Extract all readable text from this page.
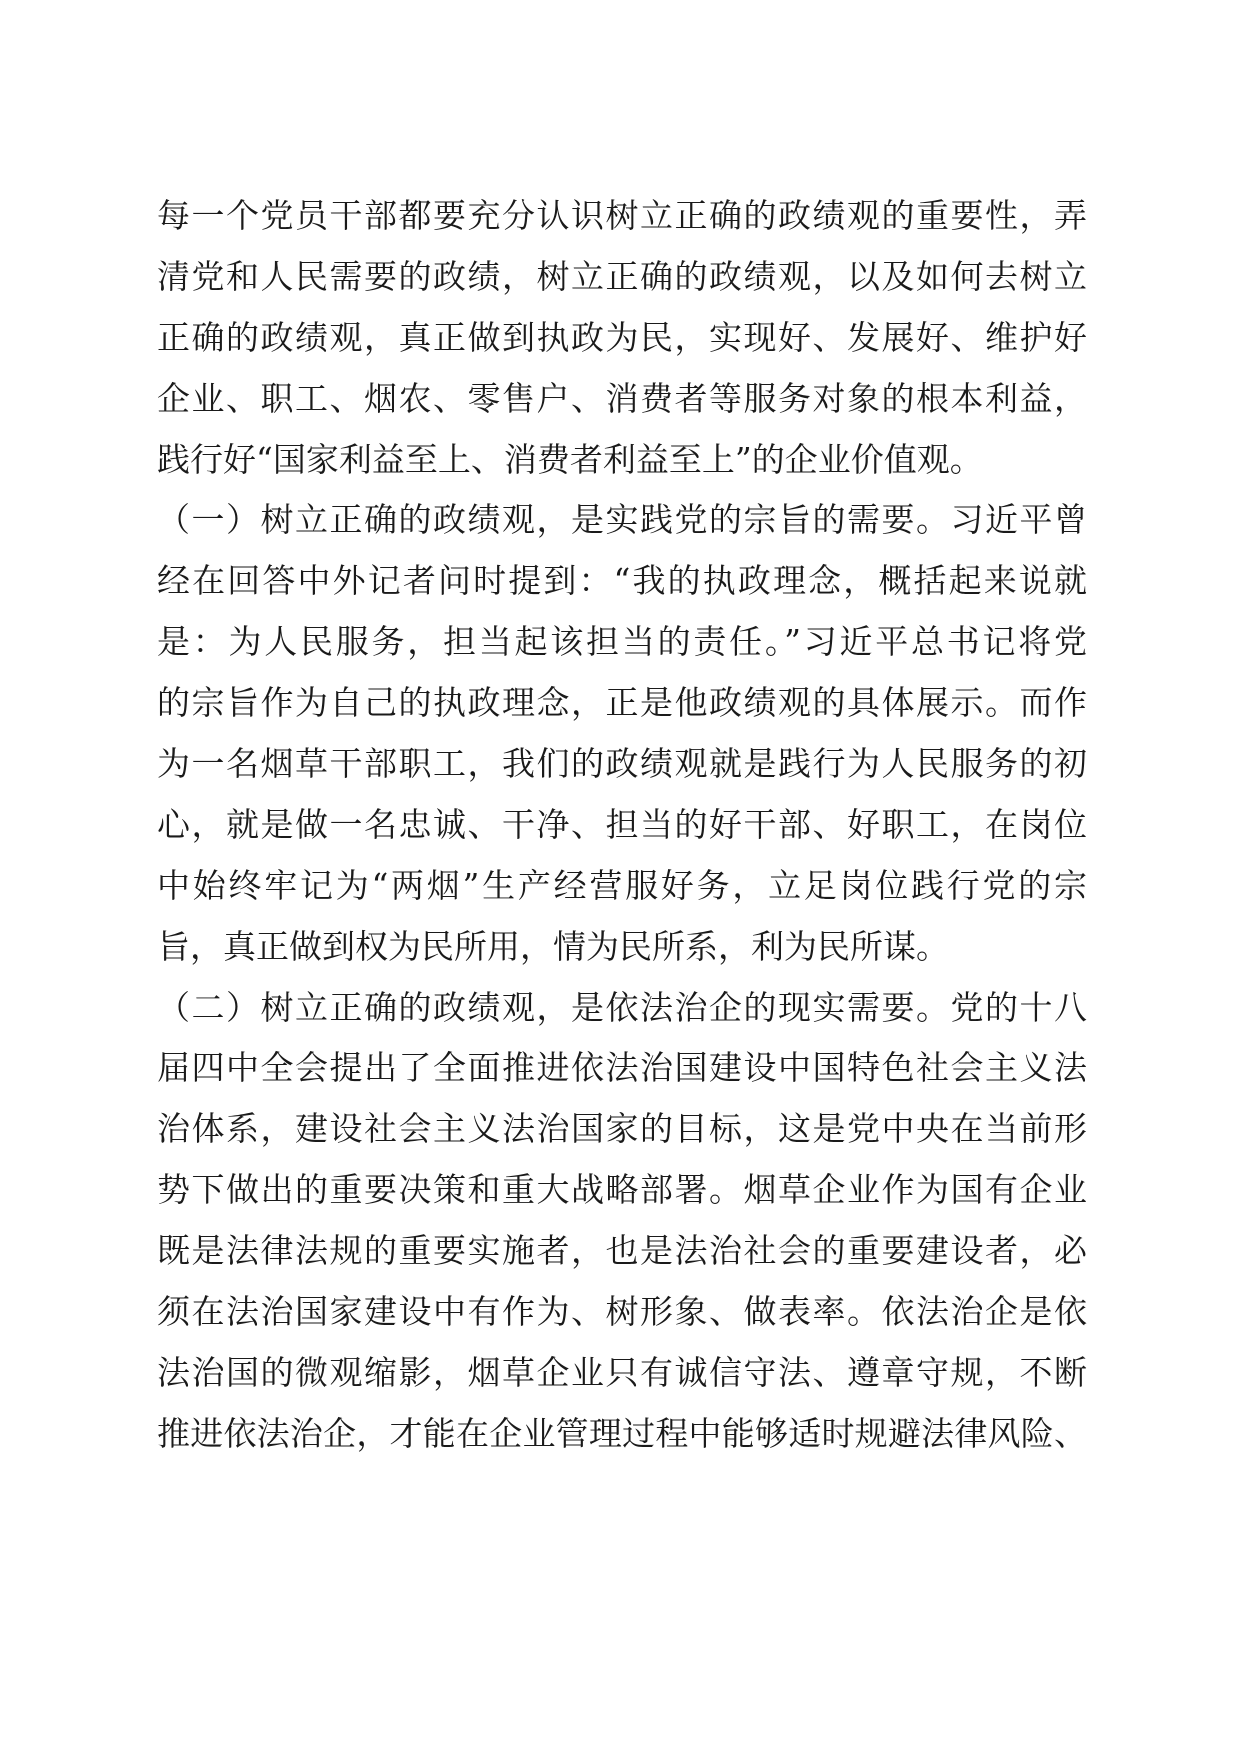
每一个党员干部都要充分认识树立正确的政绩观的重要性，弄
清党和人民需要的政绩，树立正确的政绩观，以及如何去树立
正确的政绩观，真正做到执政为民，实现好、发展好、维护好
企业、职工、烟农、零售户、消费者等服务对象的根本利益，
践行好“国家利益至上、消费者利益至上”的企业价值观。
（一）树立正确的政绩观，是实践党的宗旨的需要。习近平曾
经在回答中外记者问时提到：“我的执政理念，概括起来说就
是：为人民服务，担当起该担当的责任。”习近平总书记将党
的宗旨作为自己的执政理念，正是他政绩观的具体展示。而作
为一名烟草干部职工，我们的政绩观就是践行为人民服务的初
心，就是做一名忠诚、干净、担当的好干部、好职工，在岗位
中始终牢记为“两烟”生产经营服好务，立足岗位践行党的宗
旨，真正做到权为民所用，情为民所系，利为民所谋。
（二）树立正确的政绩观，是依法治企的现实需要。党的十八
届四中全会提出了全面推进依法治国建设中国特色社会主义法
治体系，建设社会主义法治国家的目标，这是党中央在当前形
势下做出的重要决策和重大战略部署。烟草企业作为国有企业
既是法律法规的重要实施者，也是法治社会的重要建设者，必
须在法治国家建设中有作为、树形象、做表率。依法治企是依
法治国的微观缩影，烟草企业只有诚信守法、遵章守规，不断
推进依法治企，才能在企业管理过程中能够适时规避法律风险、
